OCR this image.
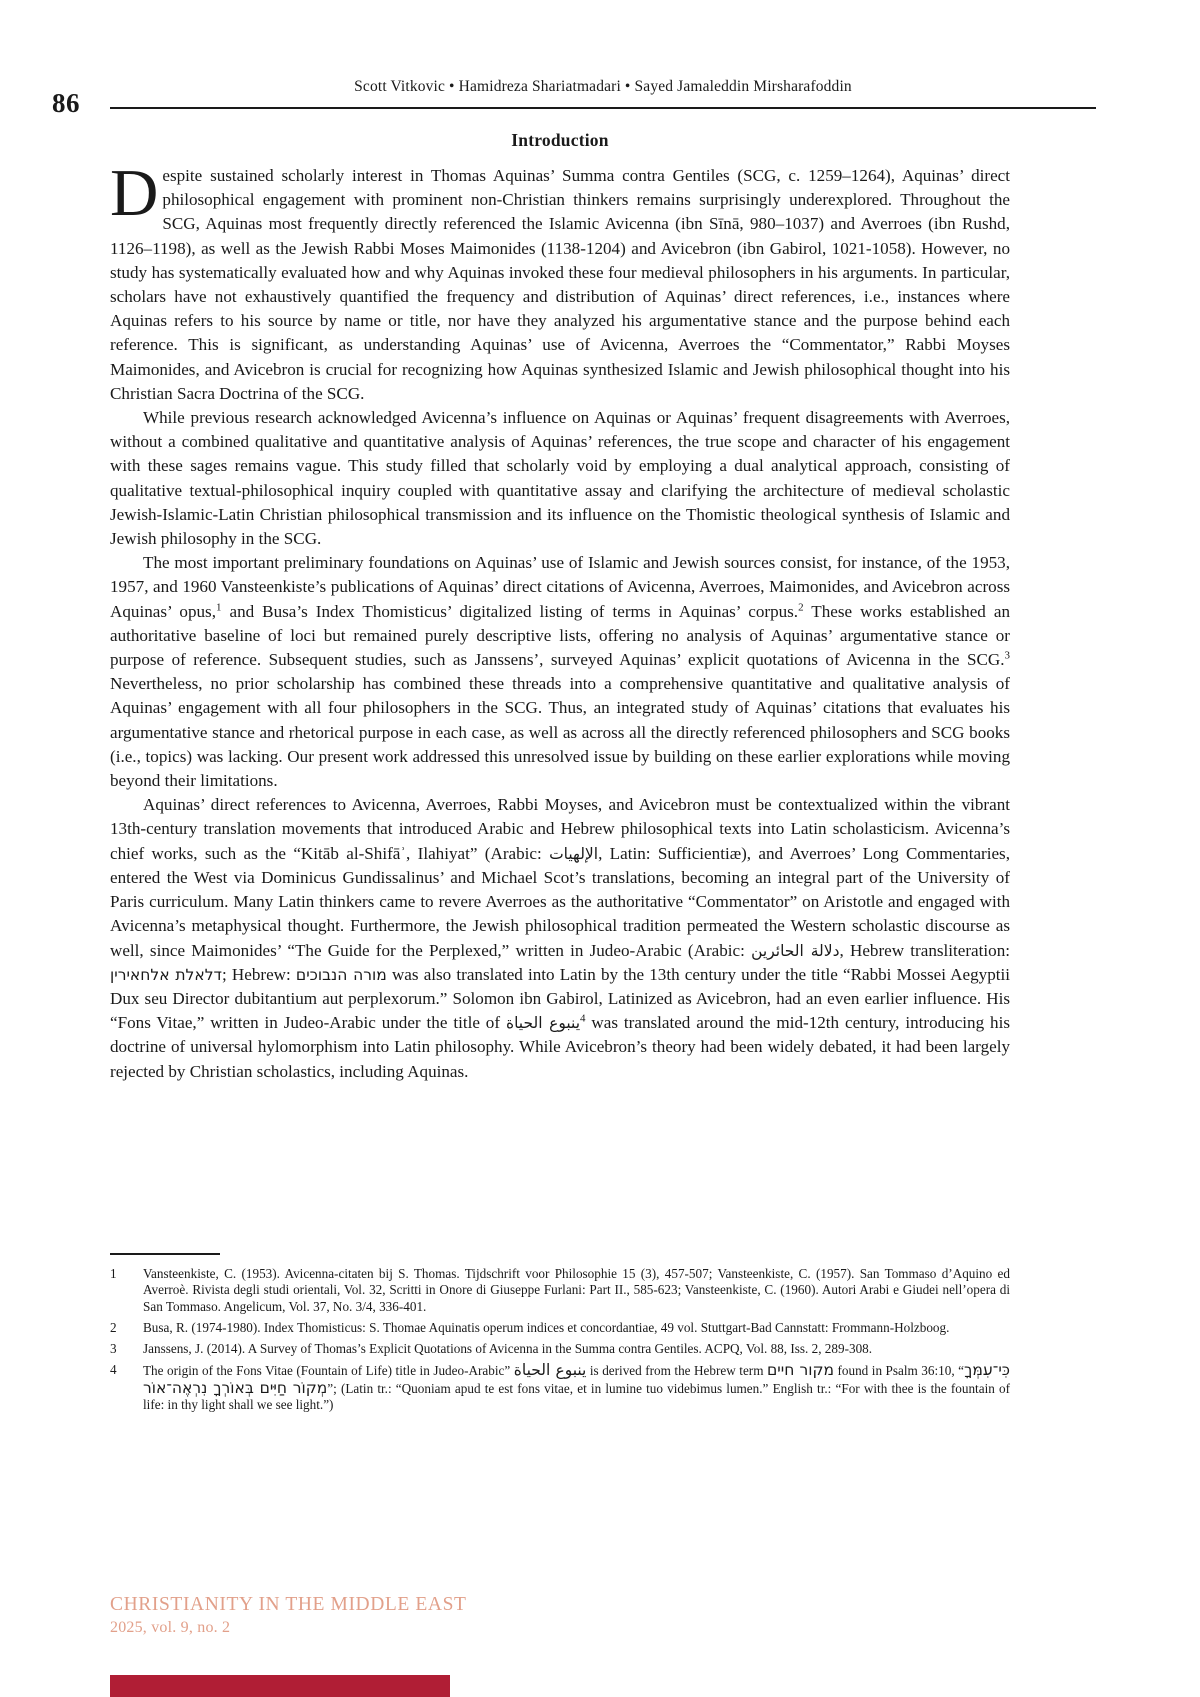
86
Scott Vitkovic • Hamidreza Shariatmadari • Sayed Jamaleddin Mirsharafoddin
Introduction

Despite sustained scholarly interest in Thomas Aquinas’ Summa contra Gentiles (SCG, c. 1259–1264), Aquinas’ direct philosophical engagement with prominent non-Christian thinkers remains surprisingly underexplored. Throughout the SCG, Aquinas most frequently directly referenced the Islamic Avicenna (ibn Sīnā, 980–1037) and Averroes (ibn Rushd, 1126–1198), as well as the Jewish Rabbi Moses Maimonides (1138-1204) and Avicebron (ibn Gabirol, 1021-1058). However, no study has systematically evaluated how and why Aquinas invoked these four medieval philosophers in his arguments. In particular, scholars have not exhaustively quantified the frequency and distribution of Aquinas’ direct references, i.e., instances where Aquinas refers to his source by name or title, nor have they analyzed his argumentative stance and the purpose behind each reference. This is significant, as understanding Aquinas’ use of Avicenna, Averroes the “Commentator,” Rabbi Moyses Maimonides, and Avicebron is crucial for recognizing how Aquinas synthesized Islamic and Jewish philosophical thought into his Christian Sacra Doctrina of the SCG.

While previous research acknowledged Avicenna’s influence on Aquinas or Aquinas’ frequent disagreements with Averroes, without a combined qualitative and quantitative analysis of Aquinas’ references, the true scope and character of his engagement with these sages remains vague. This study filled that scholarly void by employing a dual analytical approach, consisting of qualitative textual-philosophical inquiry coupled with quantitative assay and clarifying the architecture of medieval scholastic Jewish-Islamic-Latin Christian philosophical transmission and its influence on the Thomistic theological synthesis of Islamic and Jewish philosophy in the SCG.

The most important preliminary foundations on Aquinas’ use of Islamic and Jewish sources consist, for instance, of the 1953, 1957, and 1960 Vansteenkiste’s publications of Aquinas’ direct citations of Avicenna, Averroes, Maimonides, and Avicebron across Aquinas’ opus,$^1$ and Busa’s Index Thomisticus’ digitalized listing of terms in Aquinas’ corpus.$^2$ These works established an authoritative baseline of loci but remained purely descriptive lists, offering no analysis of Aquinas’ argumentative stance or purpose of reference. Subsequent studies, such as Janssens’, surveyed Aquinas’ explicit quotations of Avicenna in the SCG.$^3$ Nevertheless, no prior scholarship has combined these threads into a comprehensive quantitative and qualitative analysis of Aquinas’ engagement with all four philosophers in the SCG. Thus, an integrated study of Aquinas’ citations that evaluates his argumentative stance and rhetorical purpose in each case, as well as across all the directly referenced philosophers and SCG books (i.e., topics) was lacking. Our present work addressed this unresolved issue by building on these earlier explorations while moving beyond their limitations.

Aquinas’ direct references to Avicenna, Averroes, Rabbi Moyses, and Avicebron must be contextualized within the vibrant 13th-century translation movements that introduced Arabic and Hebrew philosophical texts into Latin scholasticism. Avicenna’s chief works, such as the “Kitāb al-Shifāʾ, Ilahiyat” (Arabic: الإلهيات, Latin: Sufficientiæ), and Averroes’ Long Commentaries, entered the West via Dominicus Gundissalinus’ and Michael Scot’s translations, becoming an integral part of the University of Paris curriculum. Many Latin thinkers came to revere Averroes as the authoritative “Commentator” on Aristotle and engaged with Avicenna’s metaphysical thought. Furthermore, the Jewish philosophical tradition permeated the Western scholastic discourse as well, since Maimonides’ “The Guide for the Perplexed,” written in Judeo-Arabic (Arabic: دلالة الحائرين, Hebrew transliteration: דלאלת אלחאירין; Hebrew: מורה הנבוכים was also translated into Latin by the 13th century under the title “Rabbi Mossei Aegyptii Dux seu Director dubitantium aut perplexorum.” Solomon ibn Gabirol, Latinized as Avicebron, had an even earlier influence. His “Fons Vitae,” written in Judeo-Arabic under the title of ينبوع الحياة$^4$ was translated around the mid-12th century, introducing his doctrine of universal hylomorphism into Latin philosophy. While Avicebron’s theory had been widely debated, it had been largely rejected by Christian scholastics, including Aquinas.

1	Vansteenkiste, C. (1953). Avicenna-citaten bij S. Thomas. Tijdschrift voor Philosophie 15 (3), 457-507; Vansteenkiste, C. (1957). San Tommaso d’Aquino ed Averroè. Rivista degli studi orientali, Vol. 32, Scritti in Onore di Giuseppe Furlani: Part II., 585-623; Vansteenkiste, C. (1960). Autori Arabi e Giudei nell’opera di San Tommaso. Angelicum, Vol. 37, No. 3/4, 336-401.
2	Busa, R. (1974-1980). Index Thomisticus: S. Thomae Aquinatis operum indices et concordantiae, 49 vol. Stuttgart-Bad Cannstatt: Frommann-Holzboog.
3	Janssens, J. (2014). A Survey of Thomas’s Explicit Quotations of Avicenna in the Summa contra Gentiles. ACPQ, Vol. 88, Iss. 2, 289-308.
4	The origin of the Fons Vitae (Fountain of Life) title in Judeo-Arabic” ينبوع الحياة is derived from the Hebrew term מקור חיים found in Psalm 36:10, “כִּי־עִמְּךָ מְקוֹר חַיִּים בְּאוֹרְךָ נִרְאֶה־אוֹר”; (Latin tr.: “Quoniam apud te est fons vitae, et in lumine tuo videbimus lumen.” English tr.: “For with thee is the fountain of life: in thy light shall we see light.”)
CHRISTIANITY IN THE MIDDLE EAST
2025, vol. 9, no. 2
